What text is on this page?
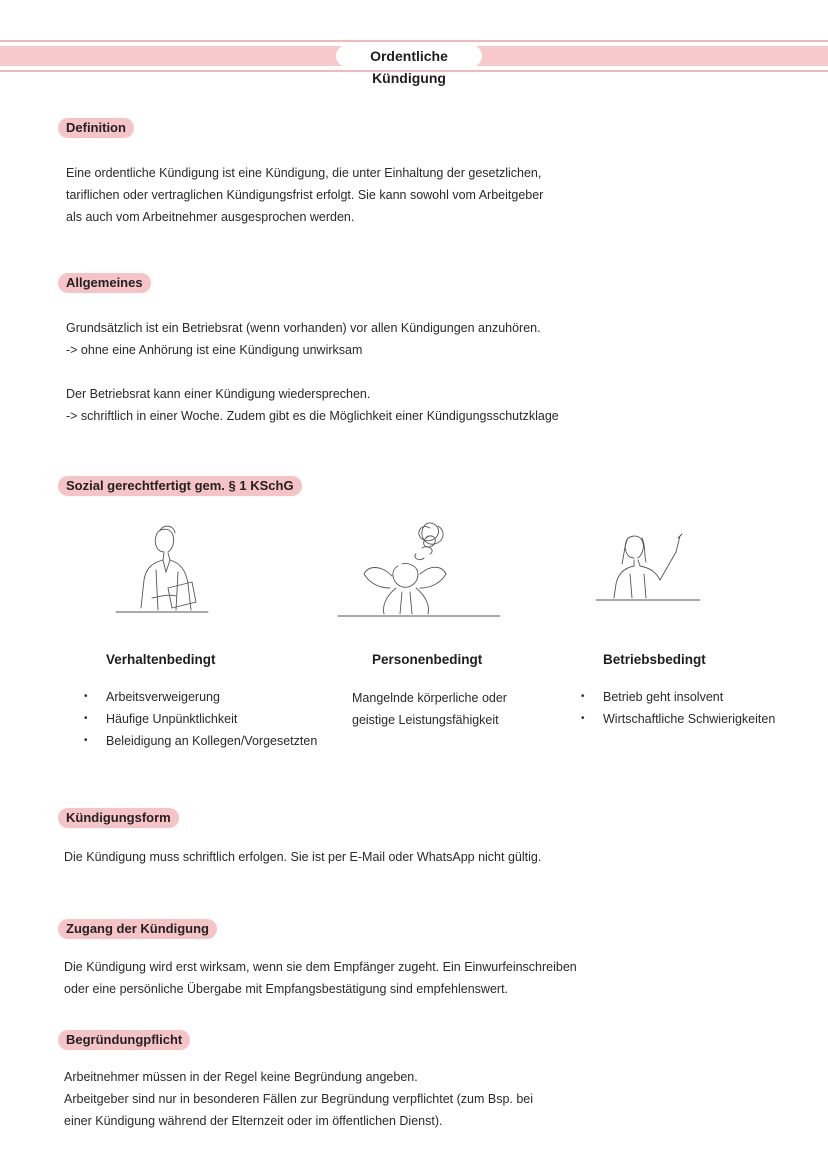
Ordentliche Kündigung
Definition

Eine ordentliche Kündigung ist eine Kündigung, die unter Einhaltung der gesetzlichen,

tariflichen oder vertraglichen Kündigungsfrist erfolgt. Sie kann sowohl vom Arbeitgeber

als auch vom Arbeitnehmer ausgesprochen werden.

Allgemeines

Grundsätzlich ist ein Betriebsrat (wenn vorhanden) vor allen Kündigungen anzuhören.

-> ohne eine Anhörung ist eine Kündigung unwirksam

Der Betriebsrat kann einer Kündigung wiedersprechen.

-> schriftlich in einer Woche. Zudem gibt es die Möglichkeit einer Kündigungsschutzklage

Sozial gerechtfertigt gem. § 1 KSchG
Verhaltenbedingt	Personenbedingt	Betriebsbedingt
• Arbeitsverweigerung
• Häufige Unpünktlichkeit
• Beleidigung an Kollegen/Vorgesetzten

Mangelnde körperliche oder

geistige Leistungsfähigkeit

• Betrieb geht insolvent
• Wirtschaftliche Schwierigkeiten
Kündigungsform

Die Kündigung muss schriftlich erfolgen. Sie ist per E-Mail oder WhatsApp nicht gültig.

Zugang der Kündigung

Die Kündigung wird erst wirksam, wenn sie dem Empfänger zugeht. Ein Einwurfeinschreiben

oder eine persönliche Übergabe mit Empfangsbestätigung sind empfehlenswert.

Begründungpflicht

Arbeitnehmer müssen in der Regel keine Begründung angeben.

Arbeitgeber sind nur in besonderen Fällen zur Begründung verpflichtet (zum Bsp. bei

einer Kündigung während der Elternzeit oder im öffentlichen Dienst).
